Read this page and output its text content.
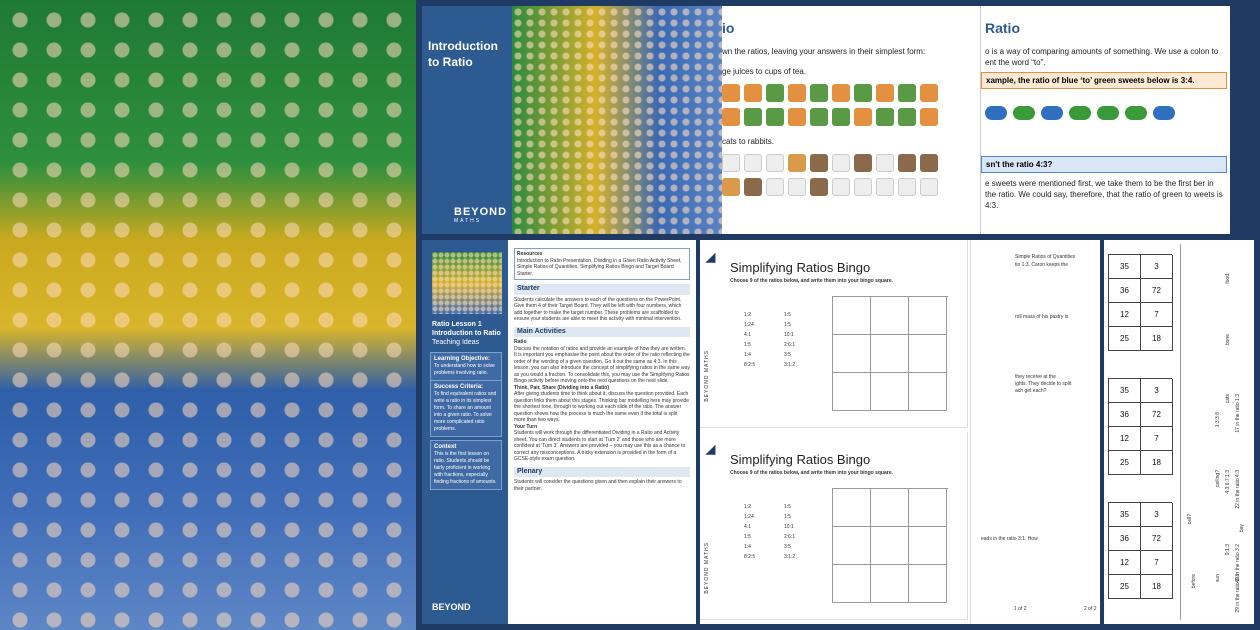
Introduction to Ratio
BEYOND
MATHS
io
wn the ratios, leaving your answers in their simplest form:
ge juices to cups of tea.
cats to rabbits.
Ratio
o is a way of comparing amounts of something. We use a colon to ent the word “to”.
xample, the ratio of blue ‘to’ green sweets below is 3:4.
sn't the ratio 4:3?
e sweets were mentioned first, we take them to be the first ber in the ratio. We could say, therefore, that the ratio of green to weets is 4:3.
Ratio Lesson 1
Introduction to Ratio
Teaching Ideas
Learning Objective:
To understand how to solve problems involving ratio.
Success Criteria:
To find equivalent ratios and write a ratio in its simplest form. To share an amount into a given ratio. To solve more complicated ratio problems.
Context
This is the first lesson on ratio. Students should be fairly proficient in working with fractions, especially finding fractions of amounts.
BEYOND
Resources
Introduction to Ratio Presentation, Dividing in a Given Ratio Activity Sheet, Simple Ratios of Quantities, Simplifying Ratios Bingo and Target Board Starter.
Starter
Students calculate the answers to each of the questions on the PowerPoint. Give them 4 of their Target Board. They will be left with four numbers, which add together to make the target number. These problems are scaffolded to ensure your students are able to meet this activity with minimal intervention.
Main Activities
Ratio
Discuss the notation of ratios and provide an example of how they are written. It is important you emphasise the point about the order of the ratio reflecting the order of the wording of a given question. Go it out the same as 4:3. In this lesson, you can also introduce the concept of simplifying ratios in the same way as you would a fraction. To consolidate this, you may use the Simplifying Ratios Bingo activity before moving onto the next questions on the next slide.
Think, Pair, Share (Dividing into a Ratio)
After giving students time to think about it, discuss the question provided. Each question links them about this stages. Thinking bar modelling here may provide the shortest tone, through to working out each slide of the ratio. The answer question shows how the process is much the same even if the total is split more than two ways.
Your Turn
Students will work through the differentiated Dividing in a Ratio and Activity sheet. You can direct students to start at 'Turn 2' and those who are more confident at 'Turn 3'. Answers are provided – you may use this as a chance to correct any misconceptions. A tricky extension is provided in the form of a GCSE-style exam question.
Plenary
Students will consider the questions given and then explain their answers to their partner.
◢
Simplifying Ratios Bingo
Choose 9 of the ratios below, and write them into your bingo square.
1:2	1:5
1:24	1:5
4:1	10:1
1:5	2:6:1
1:4	3:5
8:2:5	3:1:2
BEYOND MATHS
◢
Simplifying Ratios Bingo
Choose 9 of the ratios below, and write them into your bingo square.
1:2	1:5
1:24	1:5
4:1	10:1
1:5	2:6:1
1:4	3:5
8:2:5	3:1:2
BEYOND MATHS
Simple Ratios of Quantities
tio 1:3. Caron keeps the
roll mass of his pastry is
they receive at the
ights. They decide to split
ach get each?
eads in the ratio 3:1. How
1 of 2	2 of 2
35	3
36	72
12	7
25	18
35	3
36	72
12	7
25	18
35	3
36	72
12	7
25	18
food
bone
cats
1:3:3:8	17 in the ratio 1:3
ceiling? 4:3:6:7:1:3 22 in the ratio 4:3
cell?
bay
9:1:3 40 in the ratio 3:2
before	sun	29 in the ratio 3:3
